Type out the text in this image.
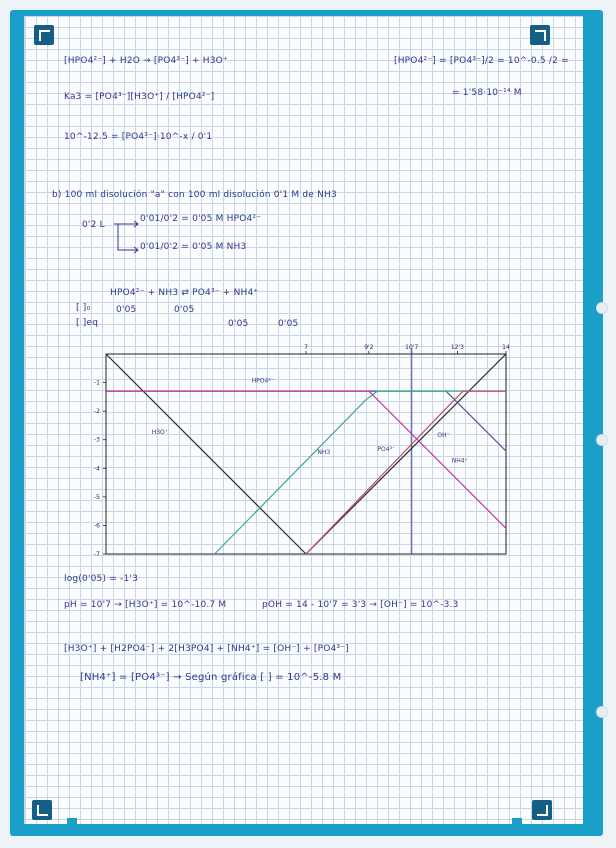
[HPO4²⁻] + H2O → [PO4³⁻] + H3O⁺	[HPO4²⁻] = [PO4³⁻]/2 = 10^-0.5 /2 =
= 1'58·10⁻¹⁴ M
Ka3 = [PO4³⁻][H3O⁺] / [HPO4²⁻]
10^-12.5 = [PO4³⁻]·10^-x / 0'1
b) 100 ml disolución "a" con 100 ml disolución 0'1 M de NH3
0'2 L
0'01/0'2 = 0'05 M HPO4²⁻
0'01/0'2 = 0'05 M NH3
HPO4²⁻ + NH3 ⇄ PO4³⁻ + NH4⁺
[ ]₀	0'05	0'05
[ ]eq	0'05	0'05
-1
-2
-3
-4
-5
-6
-7
7	9'2	10'7	12'3	14
H3O⁺	OH⁻
HPO4²⁻
NH3	PO4³⁻
NH4⁺
log(0'05) = -1'3
pH = 10'7 → [H3O⁺] = 10^-10.7 M	pOH = 14 - 10'7 = 3'3 → [OH⁻] = 10^-3.3
[H3O⁺] + [H2PO4⁻] + 2[H3PO4] + [NH4⁺] = [OH⁻] + [PO4³⁻]
[NH4⁺] = [PO4³⁻] → Según gráfica [ ] = 10^-5.8 M
